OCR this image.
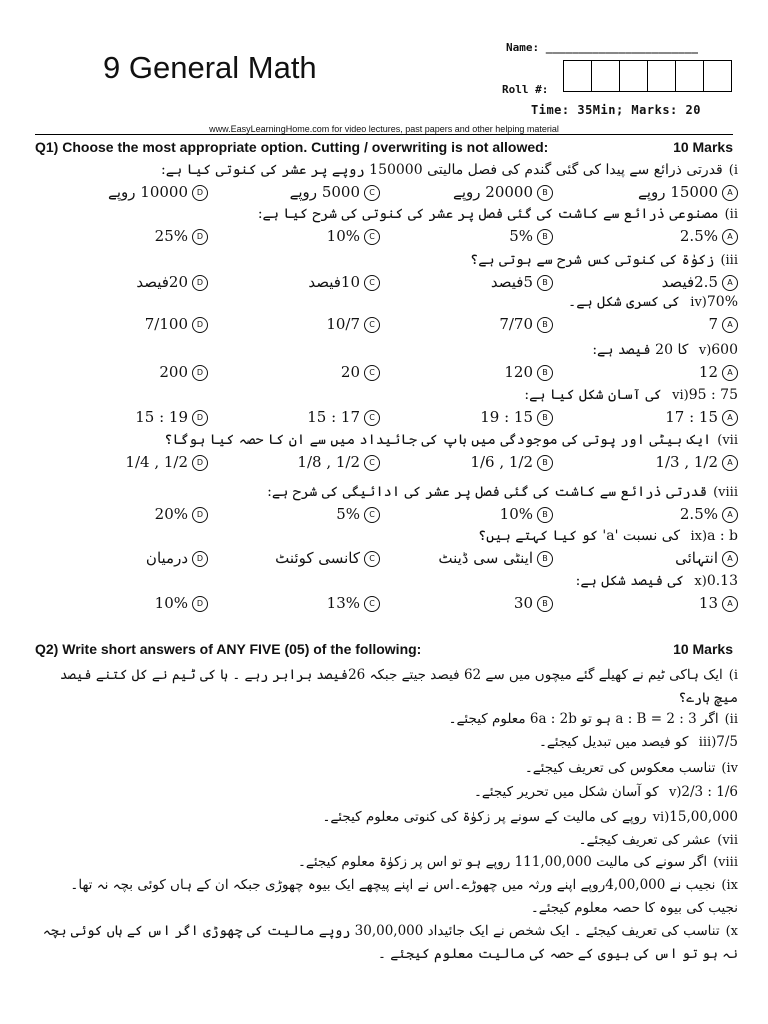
9 General Math
Name: _______________________
Roll #:
Time: 35Min; Marks: 20
www.EasyLearningHome.com for video lectures, past papers and other helping material
Q1) Choose the most appropriate option. Cutting / overwriting is not allowed:	10 Marks
i)قدرتی ذرائع سے پیدا کی گئی گندم کی فصل مالیتی 150000 روپے پر عشر کی کنوتی کیا ہے:
A15000 روپے
B20000 روپے
C5000 روپے
D10000 روپے
ii)مصنوعی ذرائع سے کاشت کی گئی فصل پر عشر کی کنوتی کی شرح کیا ہے:
A2.5%
B5%
C10%
D25%
iii)زکوٰۃ کی کنوتی کس شرح سے ہوتی ہے؟
A2.5فیصد
B5فیصد
C10فیصد
D20فیصد
iv)70% کی کسری شکل ہے۔
A7
B7/70
C10/7
D7/100
v)600 کا 20 فیصد ہے:
A12
B120
C20
D200
vi)95 : 75 کی آسان شکل کیا ہے:
A15 : 17
B15 : 19
C17 : 15
D19 : 15
vii)ایک بیٹی اور پوتی کی موجودگی میں باپ کی جائیداد میں سے ان کا حصہ کیا ہوگا؟
A1/2 , 1/3
B1/2 , 1/6
C1/2 , 1/8
D1/2 , 1/4
viii)قدرتی ذرائع سے کاشت کی گئی فصل پر عشر کی ادائیگی کی شرح ہے:
A2.5%
B10%
C5%
D20%
ix)a : b کی نسبت 'a' کو کیا کہتے ہیں؟
Aانتہائی
Bاینٹی سی ڈینٹ
Cکانسی کوئنٹ
Dدرمیان
x)0.13 کی فیصد شکل ہے:
A13
B30
C13%
D10%
Q2) Write short answers of ANY FIVE (05) of the following:	10 Marks
i)ایک ہاکی ٹیم نے کھیلے گئے میچوں میں سے 62 فیصد جیتے جبکہ 26فیصد برابر رہے ۔ ہا کی ٹیم نے کل کتنے فیصد میچ ہارے؟
ii)اگر a : B = 2 : 3 ہو تو 6a : 2b معلوم کیجئے۔
iii)7/5 کو فیصد میں تبدیل کیجئے۔
iv)تناسب معکوس کی تعریف کیجئے۔
v)2/3 : 1/6 کو آسان شکل میں تحریر کیجئے۔
vi)15,00,000روپے کی مالیت کے سونے پر زکوٰۃ کی کنوتی معلوم کیجئے۔
vii)عشر کی تعریف کیجئے۔
viii)اگر سونے کی مالیت 111,00,000 روپے ہو تو اس پر زکوٰۃ معلوم کیجئے۔
ix)نجیب نے 4,00,000روپے اپنے ورثہ میں چھوڑے۔اس نے اپنے پیچھے ایک بیوہ چھوڑی جبکہ ان کے ہاں کوئی بچہ نہ تھا۔ نجیب کی بیوہ کا حصہ معلوم کیجئے۔
x)تناسب کی تعریف کیجئے ۔ ایک شخص نے ایک جائیداد 30,00,000 روپے مالیت کی چھوڑی اگر اس کے ہاں کوئی بچہ نہ ہو تو اس کی بیوی کے حصہ کی مالیت معلوم کیجئے ۔
